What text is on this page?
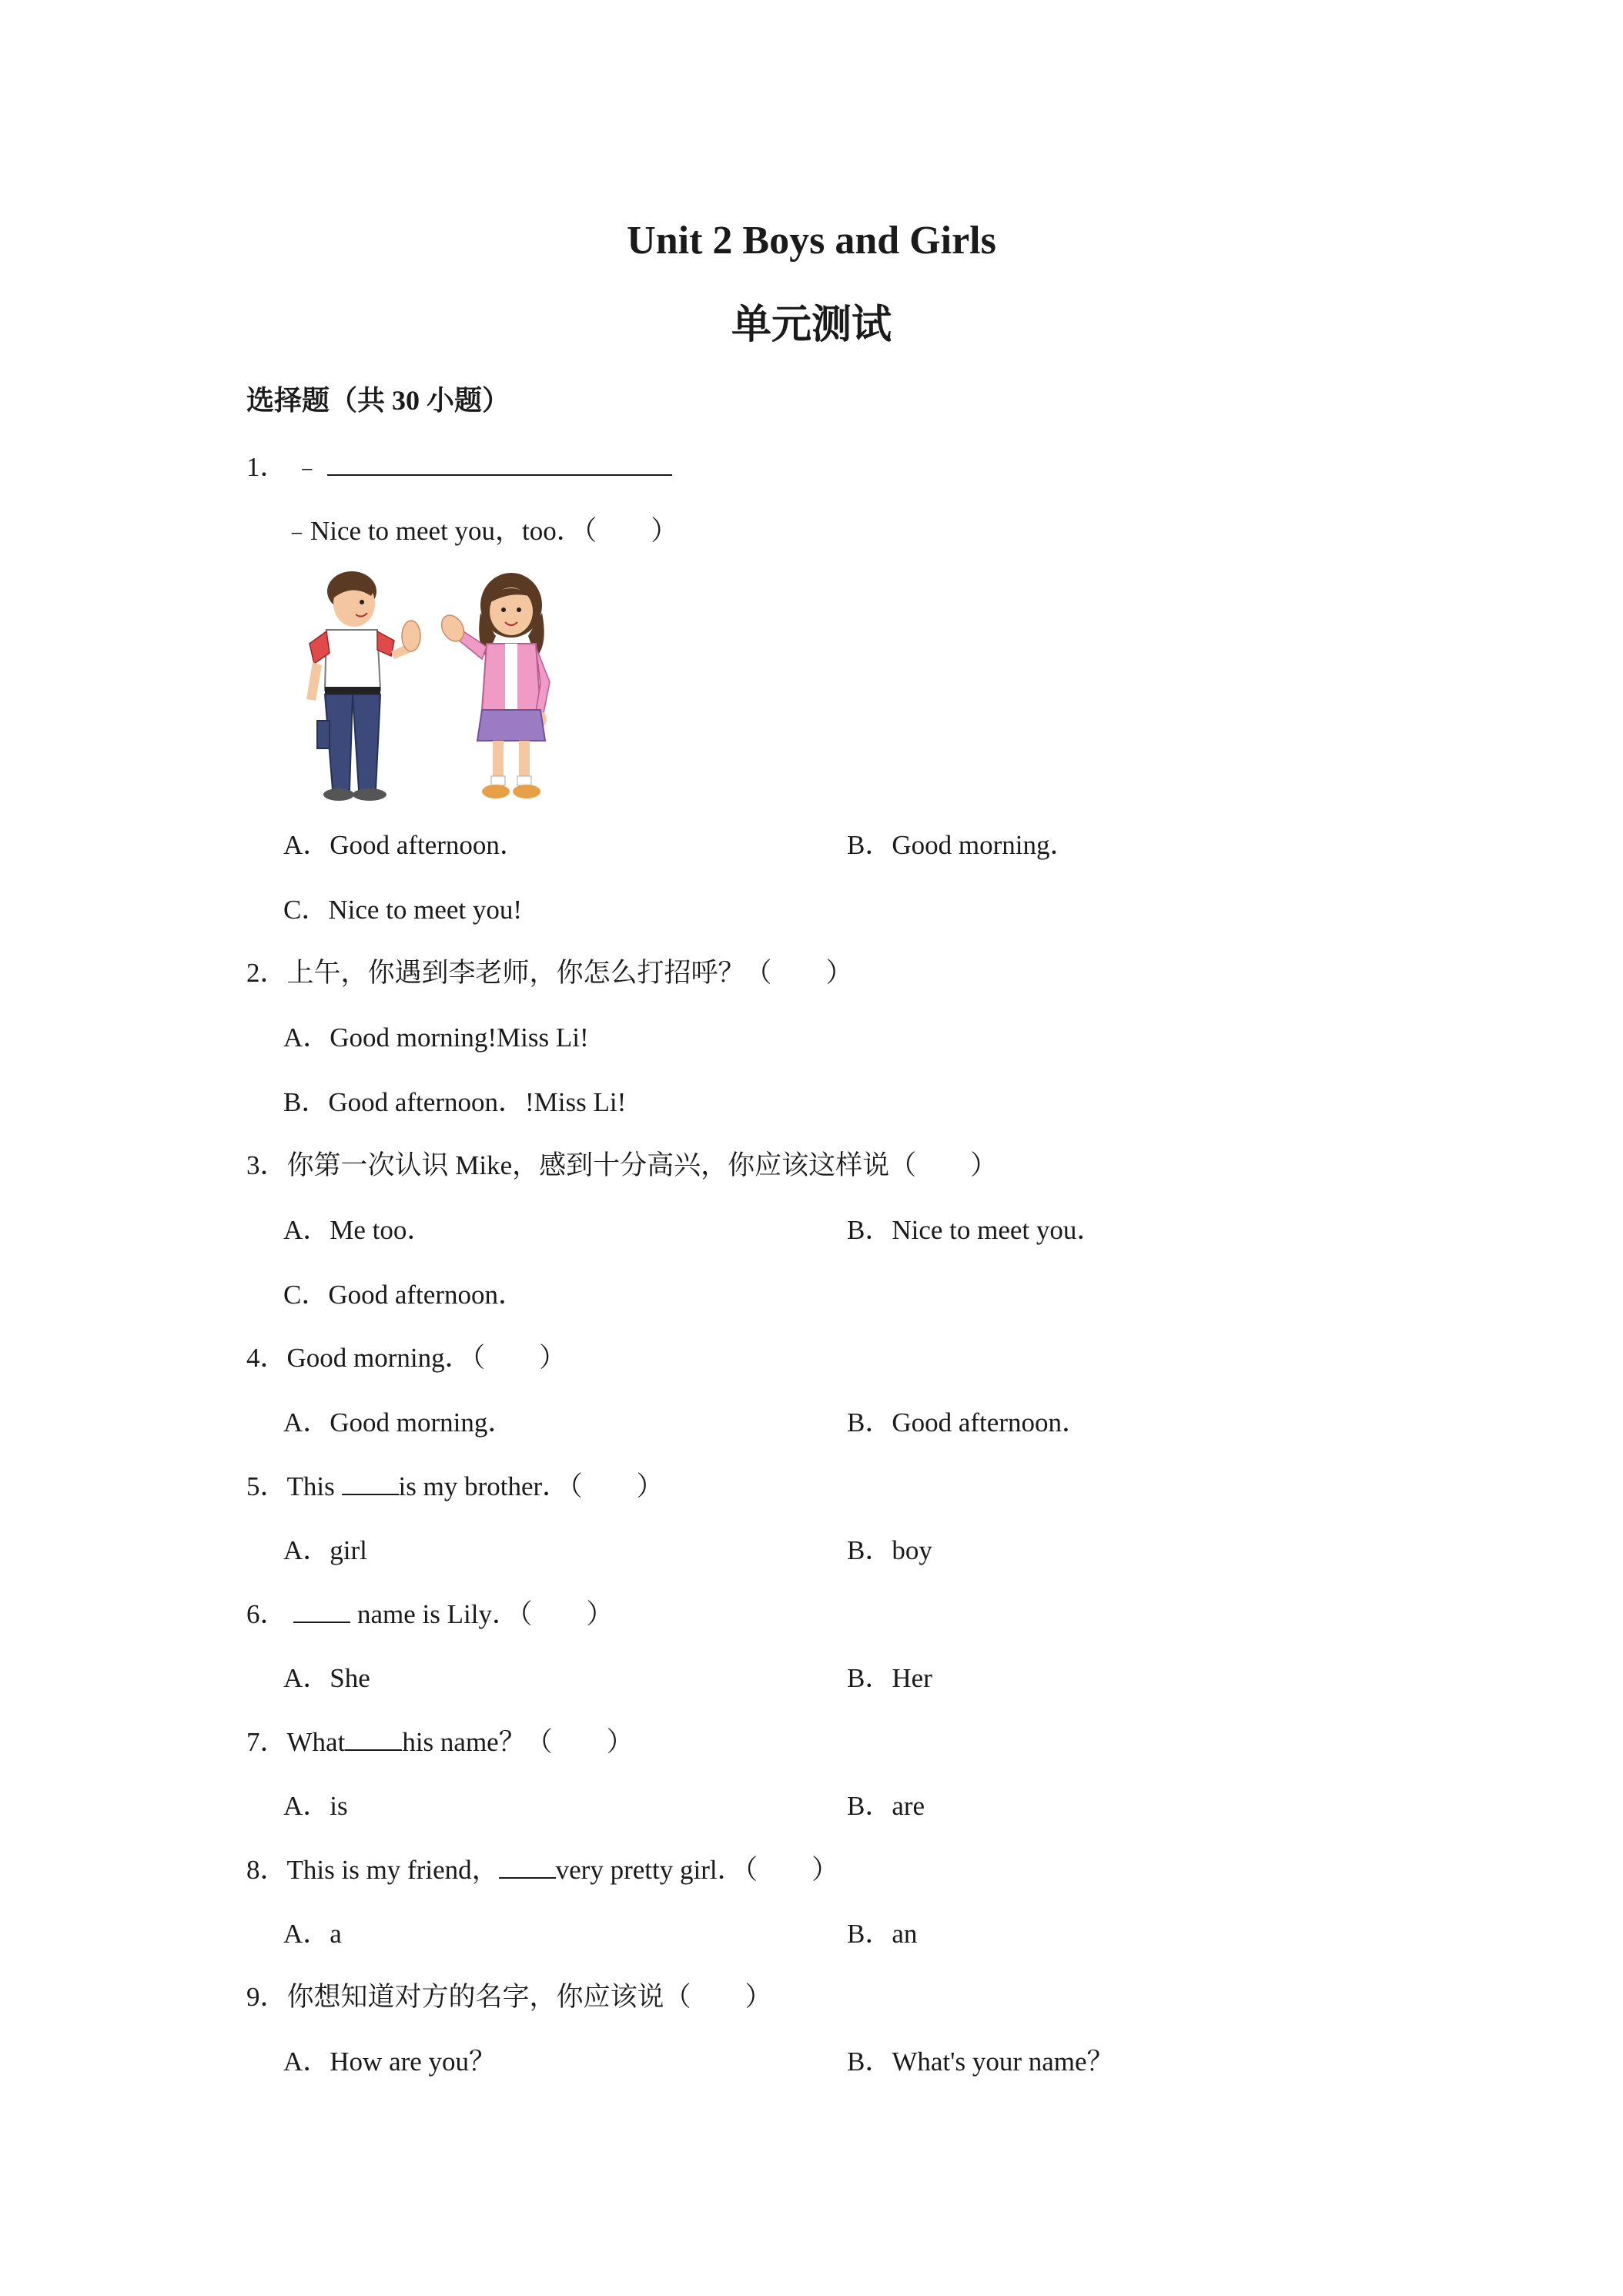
Unit 2 Boys and Girls
单元测试
选择题（共 30 小题）
1． ﹣
﹣Nice to meet you，too．（　　）
A．Good afternoon．	B．Good morning．
C．Nice to meet you!
2．上午，你遇到李老师，你怎么打招呼？（　　）
A．Good morning!Miss Li!
B．Good afternoon．!Miss Li!
3．你第一次认识 Mike，感到十分高兴，你应该这样说（　　）
A．Me too．	B．Nice to meet you．
C．Good afternoon．
4．Good morning．（　　）
A．Good morning．	B．Good afternoon．
5．This is my brother．（　　）
A．girl	B．boy
6．  name is Lily．（　　）
A．She	B．Her
7．What his name？（　　）
A．is	B．are
8．This is my friend， very pretty girl．（　　）
A．a	B．an
9．你想知道对方的名字，你应该说（　　）
A．How are you？	B．What's your name？
